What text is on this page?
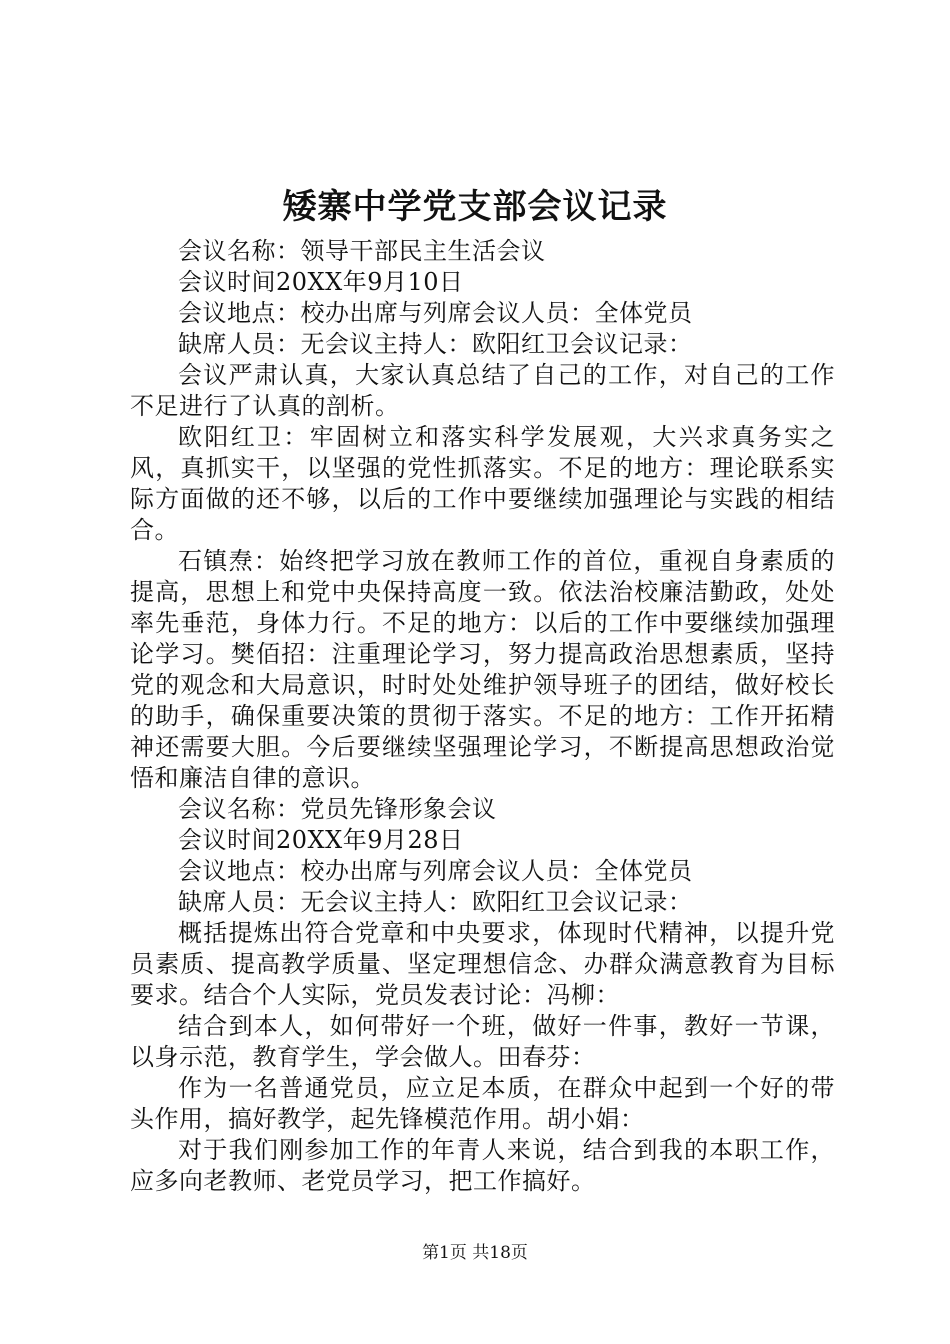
矮寨中学党支部会议记录

会议名称：领导干部民主生活会议

会议时间20XX年9月10日

会议地点：校办出席与列席会议人员：全体党员

缺席人员：无会议主持人：欧阳红卫会议记录：

会议严肃认真，大家认真总结了自己的工作，对自己的工作不足进行了认真的剖析。

欧阳红卫：牢固树立和落实科学发展观，大兴求真务实之风，真抓实干，以坚强的党性抓落实。不足的地方：理论联系实际方面做的还不够，以后的工作中要继续加强理论与实践的相结合。

石镇焘：始终把学习放在教师工作的首位，重视自身素质的提高，思想上和党中央保持高度一致。依法治校廉洁勤政，处处率先垂范，身体力行。不足的地方：以后的工作中要继续加强理论学习。樊佰招：注重理论学习，努力提高政治思想素质，坚持党的观念和大局意识，时时处处维护领导班子的团结，做好校长的助手，确保重要决策的贯彻于落实。不足的地方：工作开拓精神还需要大胆。今后要继续坚强理论学习，不断提高思想政治觉悟和廉洁自律的意识。

会议名称：党员先锋形象会议

会议时间20XX年9月28日

会议地点：校办出席与列席会议人员：全体党员

缺席人员：无会议主持人：欧阳红卫会议记录：

概括提炼出符合党章和中央要求，体现时代精神，以提升党员素质、提高教学质量、坚定理想信念、办群众满意教育为目标要求。结合个人实际，党员发表讨论：冯柳：

结合到本人，如何带好一个班，做好一件事，教好一节课，以身示范，教育学生，学会做人。田春芬：

作为一名普通党员，应立足本质，在群众中起到一个好的带头作用，搞好教学，起先锋模范作用。胡小娟：

对于我们刚参加工作的年青人来说，结合到我的本职工作，应多向老教师、老党员学习，把工作搞好。

第1页 共18页
